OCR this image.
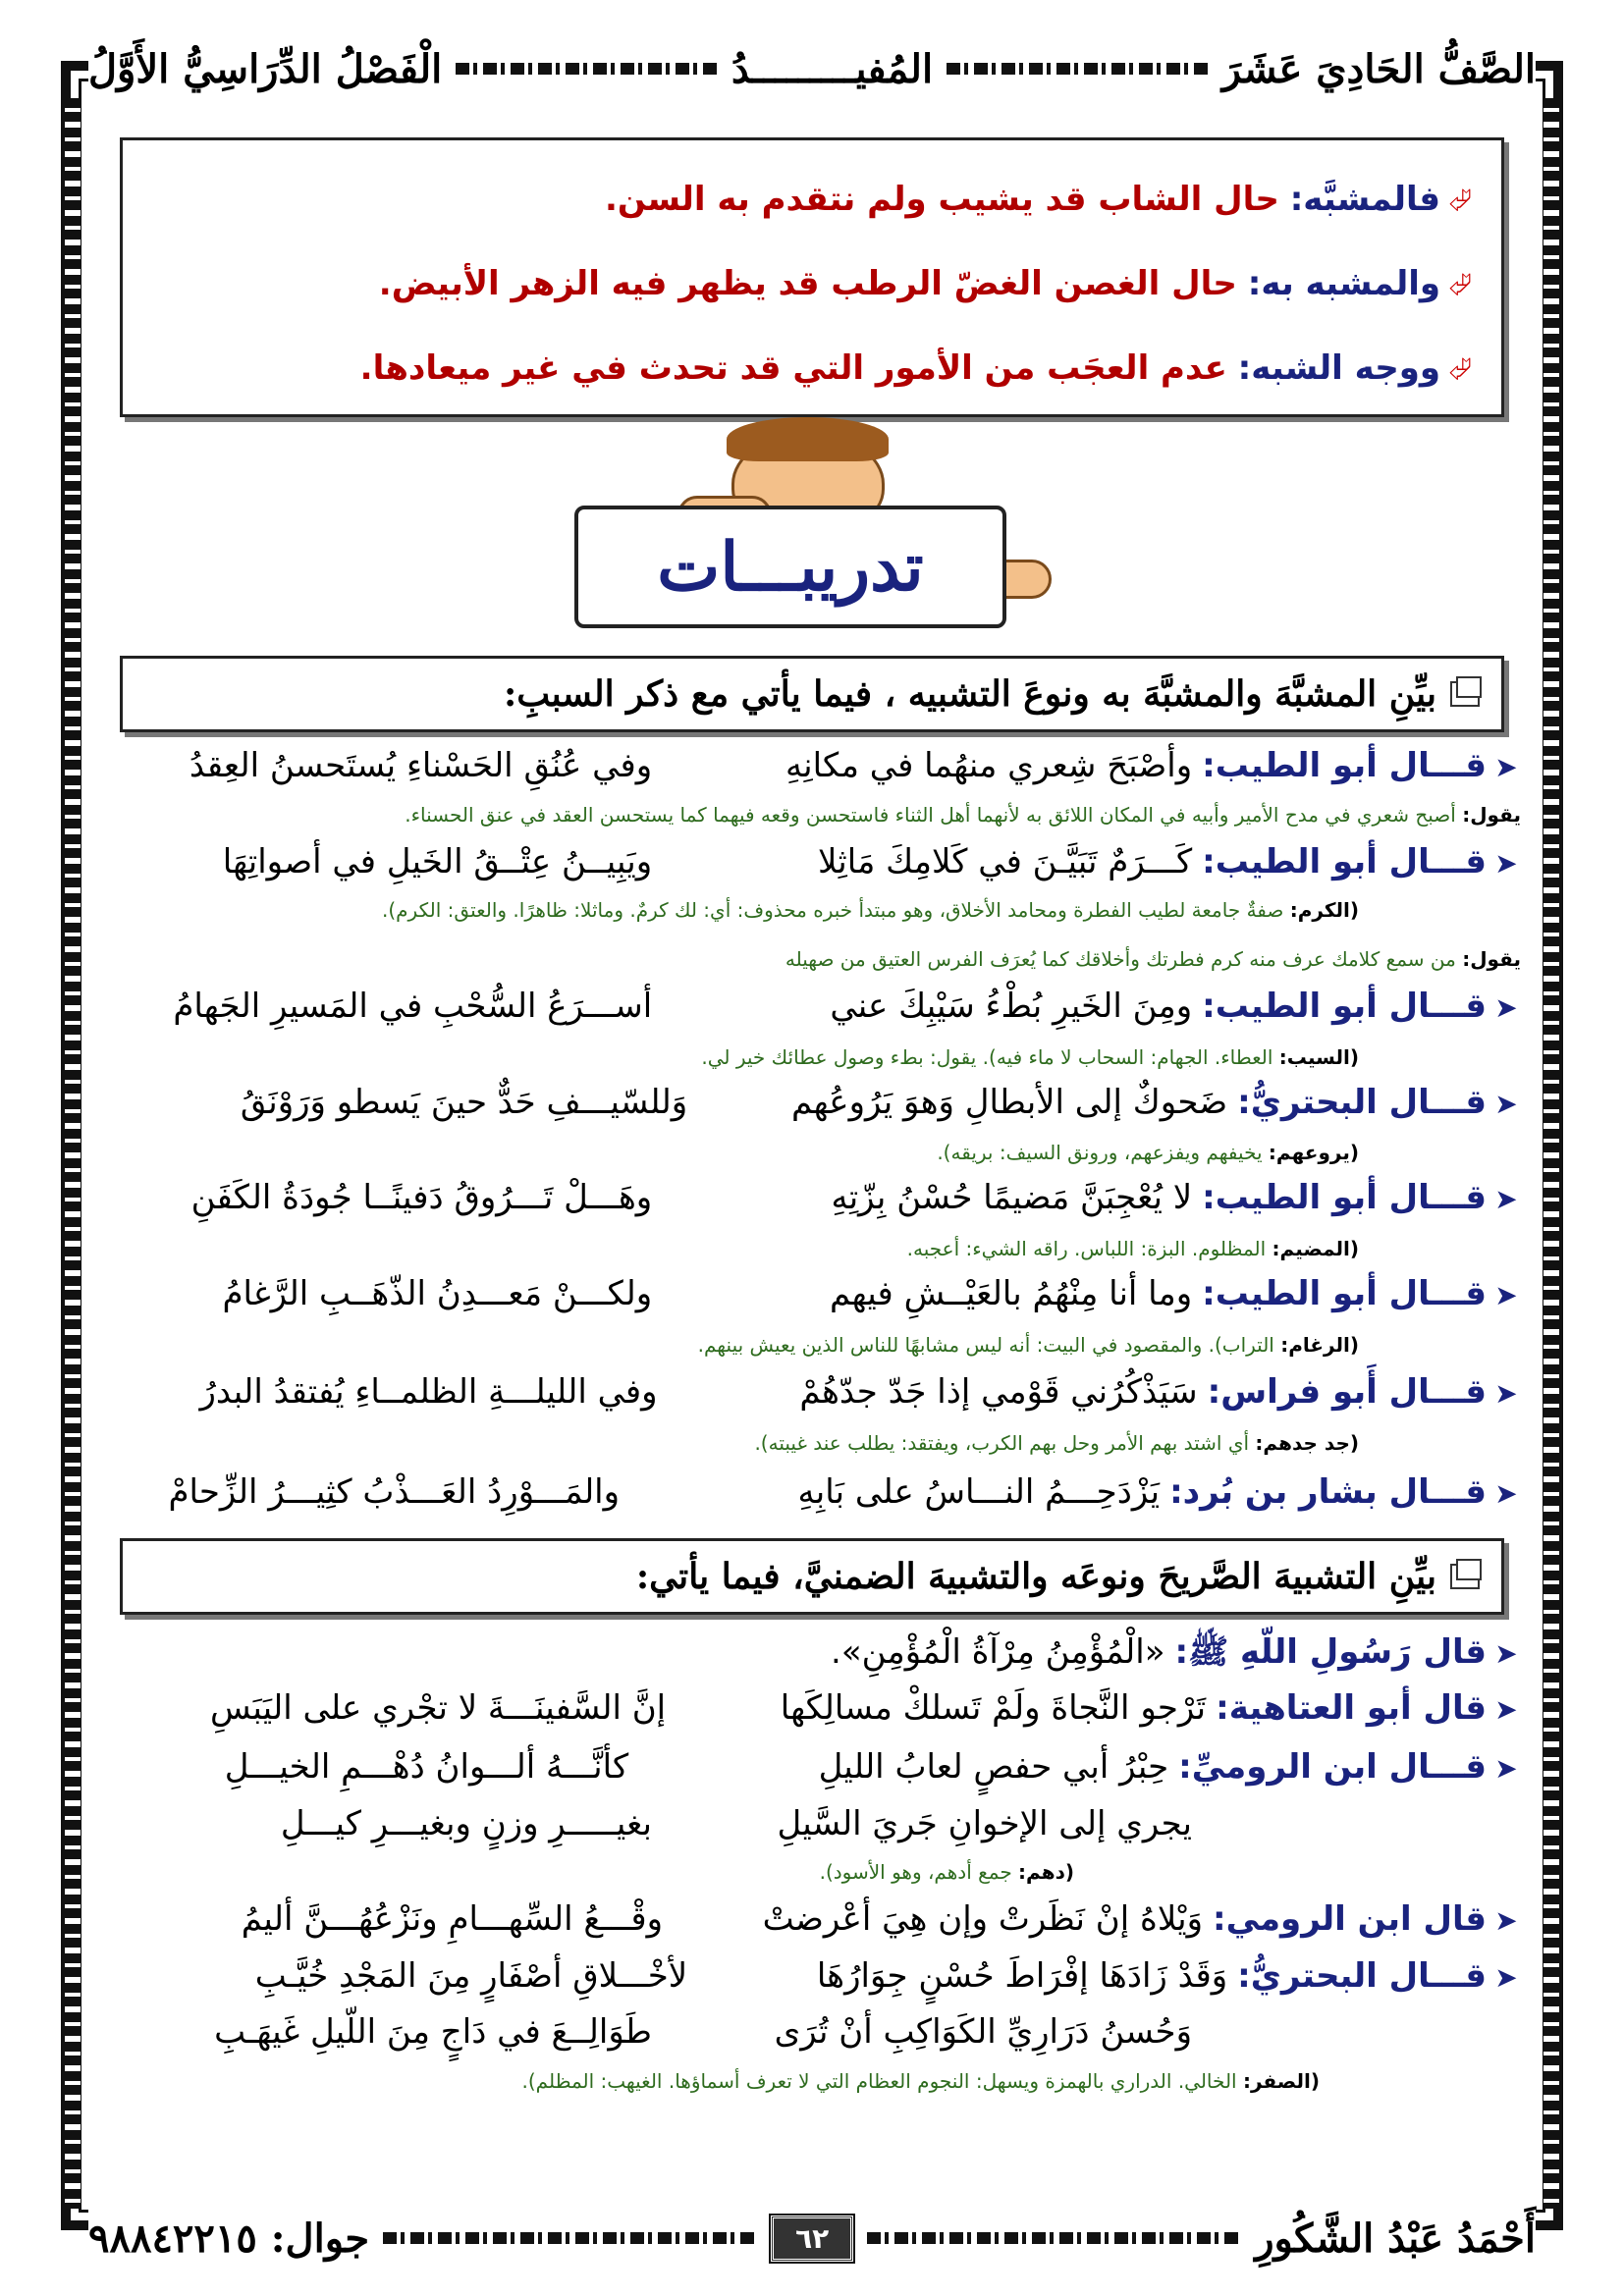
الصَّفُّ الحَادِيَ عَشَرَ
المُفيـــــــــدُ
الْفَصْلُ الدِّرَاسِيُّ الأَوَّلُ
⮰فالمشبَّه: حال الشاب قد يشيب ولم نتقدم به السن.
⮰والمشبه به: حال الغصن الغضّ الرطب قد يظهر فيه الزهر الأبيض.
⮰ووجه الشبه: عدم العجَب من الأمور التي قد تحدث في غير ميعادها.
تدريبـــات
بيِّنِ المشبَّهَ والمشبَّهَ به ونوعَ التشبيه ، فيما يأتي مع ذكر السببِ:
➤
قـــال أبو الطيب:
وأصْبَحَ شِعري منهُما في مكانِهِ
وفي عُنُقِ الحَسْناءِ يُستَحسنُ العِقدُ
يقول: أصبح شعري في مدح الأمير وأبيه في المكان اللائق به لأنهما أهل الثناء فاستحسن وقعه فيهما كما يستحسن العقد في عنق الحسناء.
➤
قـــال أبو الطيب:
كَـــرَمٌ تَبَيَّـنَ في كَلامِكَ مَاثِلا
ويَبِيــنُ عِتْــقُ الخَيلِ في أصواتِهَا
(الكرم: صفةٌ جامعة لطيب الفطرة ومحامد الأخلاق، وهو مبتدأ خبره محذوف: أي: لك كرمٌ. وماثلا: ظاهرًا. والعتق: الكرم).
يقول: من سمع كلامك عرف منه كرم فطرتك وأخلاقك كما يُعرَف الفرس العتيق من صهيله
➤
قـــال أبو الطيب:
ومِنَ الخَيرِ بُطْءُ سَيْبِكَ عني
أســـرَعُ السُّحْبِ في المَسيرِ الجَهامُ
(السيب: العطاء. الجهام: السحاب لا ماء فيه). يقول: بطء وصول عطائك خير لي.
➤
قـــال البحتريُّ:
ضَحوكٌ إلى الأبطالِ وَهوَ يَرُوعُهم
وَللسّيـــفِ حَدٌّ حينَ يَسطو وَرَوْنَقُ
(يروعهم: يخيفهم ويفزعهم، ورونق السيف: بريقه).
➤
قـــال أبو الطيب:
لا يُعْجِبَنَّ مَضيمًا حُسْنُ بِزّتِهِ
وهَـــلْ تَـــرُوقُ دَفينًــا جُودَةُ الكَفَنِ
(المضيم: المظلوم. البزة: اللباس. راقه الشيء: أعجبه.
➤
قـــال أبو الطيب:
وما أنا مِنْهُمُ بالعَيْــشِ فيهم
ولكـــنْ مَعـــدِنُ الذّهَــبِ الرَّغامُ
(الرغام: التراب). والمقصود في البيت: أنه ليس مشابهًا للناس الذين يعيش بينهم.
➤
قـــال أَبو فراس:
سَيَذْكُرُني قَوْمي إذا جَدّ جدّهُمْ
وفي الليلـــةِ الظلمــاءِ يُفتقدُ البدرُ
(جد جدهم: أي اشتد بهم الأمر وحل بهم الكرب، ويفتقد: يطلب عند غيبته).
➤
قـــال بشار بن بُرد:
يَزْدَحِـــمُ النـــاسُ على بَابِهِ
والمَـــوْرِدُ العَـــذْبُ كثِيـــرُ الزِّحامْ
بيِّنِ التشبيهَ الصَّريحَ ونوعَه والتشبيهَ الضمنيَّ، فيما يأتي:
➤
قال رَسُولِ اللّهِ ﷺ:
«الْمُؤْمِنُ مِرْآةُ الْمُؤْمِنِ».
➤
قال أبو العتاهية:
تَرْجو النَّجاةَ ولَمْ تَسلكْ مسالِكَها
إنَّ السَّفينَـــةَ لا تجْري على اليَبَسِ
➤
قـــال ابن الروميِّ:
حِبْرُ أبي حفصٍ لعابُ الليلِ
كأنَّـــهُ ألـــوانُ دُهْـــمِ الخيـــلِ
يجري إلى الإخوانِ جَريَ السَّيلِ
بغيـــــرِ وزنٍ وبغيـــرِ كيـــلِ
(دهم: جمع أدهم، وهو الأسود).
➤
قال ابن الرومي:
وَيْلاهُ إنْ نَظَرتْ وإن هِيَ أعْرضتْ
وقْـــعُ السِّهـــامِ ونَزْعُهُـــنَّ أليمُ
➤
قـــال البحتريُّ:
وَقَدْ زَادَهَا إفْرَاطَ حُسْنٍ جِوَارُهَا
لأخْـــلاقِ أصْفَارٍ مِنَ المَجْدِ خُيَّـبِ
وَحُسنُ دَرَارِيِّ الكَوَاكِبِ أنْ تُرَى
طَوَالِــعَ في دَاجٍ مِنَ اللّيلِ غَيهَـبِ
(الصفر: الخالي. الدراري بالهمزة ويسهل: النجوم العظام التي لا تعرف أسماؤها. الغيهب: المظلم).
أَحْمَدُ عَبْدُ الشَّكُورِ
٦٢
جوال: ٩٨٨٤٢٢١٥
